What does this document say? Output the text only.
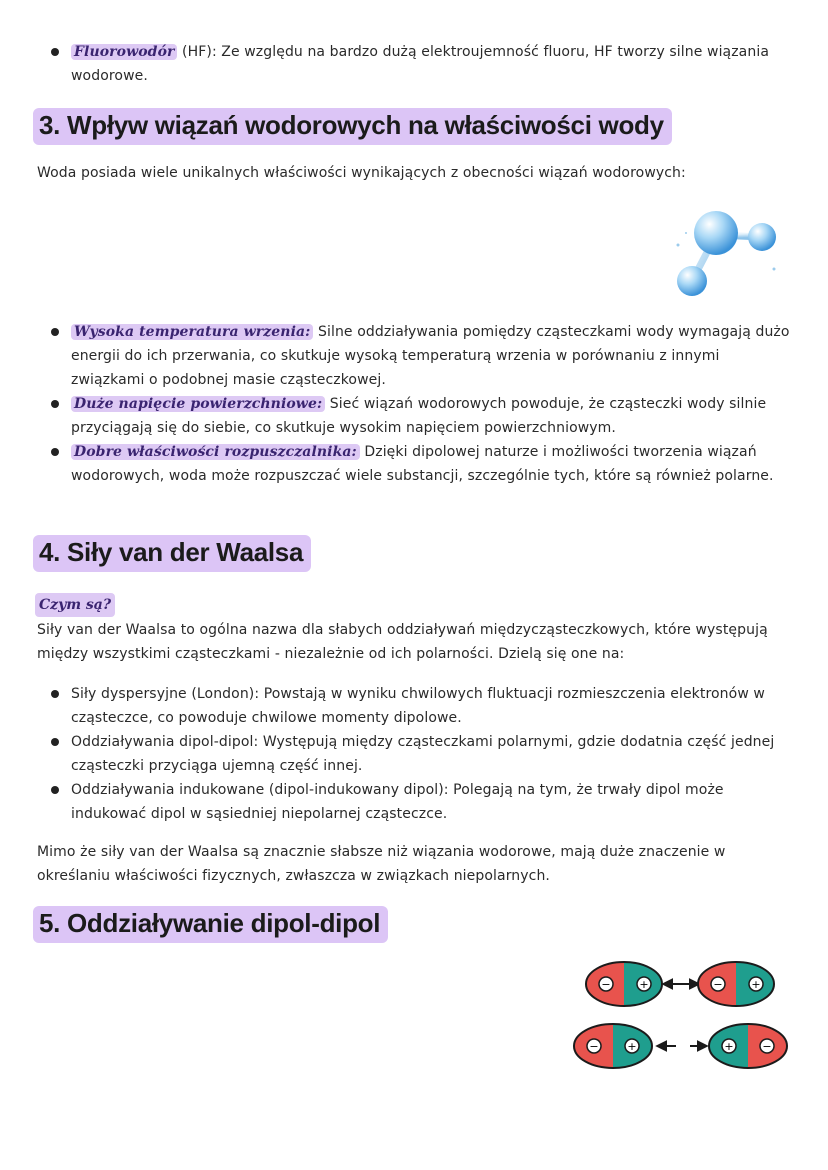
Fluorowodór (HF): Ze względu na bardzo dużą elektroujemność fluoru, HF tworzy silne wiązania wodorowe.
3. Wpływ wiązań wodorowych na właściwości wody
Woda posiada wiele unikalnych właściwości wynikających z obecności wiązań wodorowych:
Wysoka temperatura wrzenia: Silne oddziaływania pomiędzy cząsteczkami wody wymagają dużo energii do ich przerwania, co skutkuje wysoką temperaturą wrzenia w porównaniu z innymi związkami o podobnej masie cząsteczkowej.
Duże napięcie powierzchniowe: Sieć wiązań wodorowych powoduje, że cząsteczki wody silnie przyciągają się do siebie, co skutkuje wysokim napięciem powierzchniowym.
Dobre właściwości rozpuszczalnika: Dzięki dipolowej naturze i możliwości tworzenia wiązań wodorowych, woda może rozpuszczać wiele substancji, szczególnie tych, które są również polarne.
4. Siły van der Waalsa
Czym są?
Siły van der Waalsa to ogólna nazwa dla słabych oddziaływań międzycząsteczkowych, które występują między wszystkimi cząsteczkami - niezależnie od ich polarności. Dzielą się one na:
Siły dyspersyjne (London): Powstają w wyniku chwilowych fluktuacji rozmieszczenia elektronów w cząsteczce, co powoduje chwilowe momenty dipolowe.
Oddziaływania dipol-dipol: Występują między cząsteczkami polarnymi, gdzie dodatnia część jednej cząsteczki przyciąga ujemną część innej.
Oddziaływania indukowane (dipol-indukowany dipol): Polegają na tym, że trwały dipol może indukować dipol w sąsiedniej niepolarnej cząsteczce.
Mimo że siły van der Waalsa są znacznie słabsze niż wiązania wodorowe, mają duże znaczenie w określaniu właściwości fizycznych, zwłaszcza w związkach niepolarnych.
5. Oddziaływanie dipol-dipol
−	+	−	+
−	+	+	−
